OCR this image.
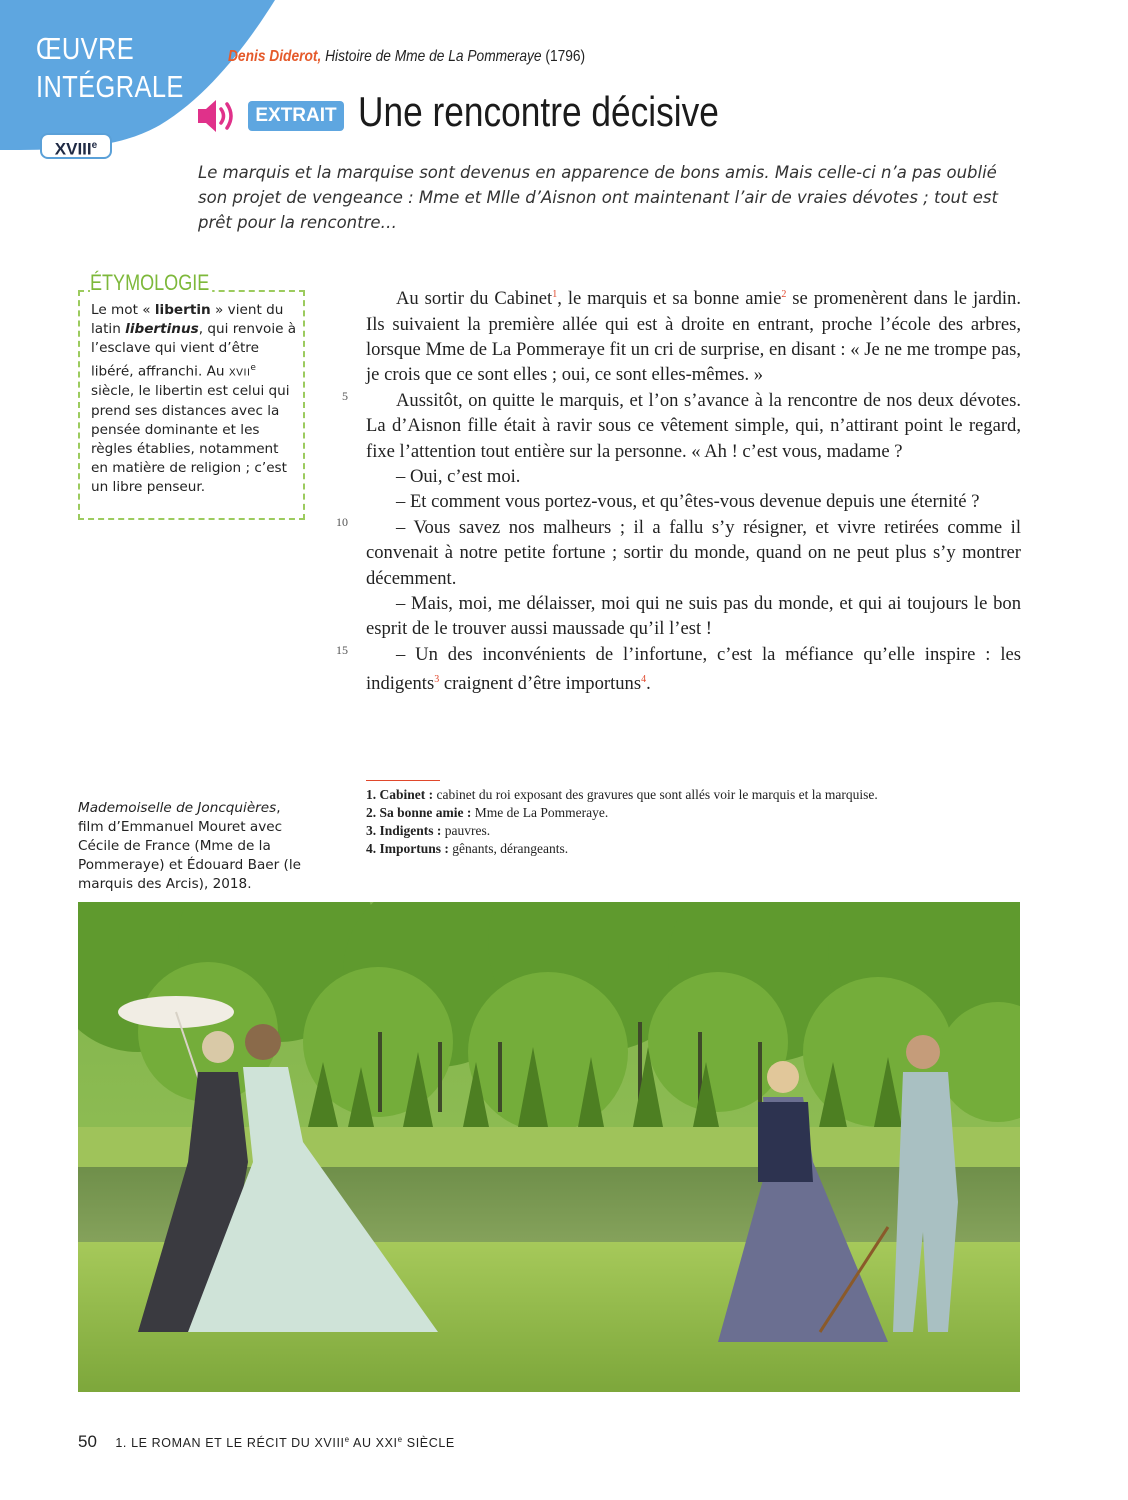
ŒUVRE INTÉGRALE
XVIIIe
Denis Diderot, Histoire de Mme de La Pommeraye (1796)
EXTRAIT 3
Une rencontre décisive
Le marquis et la marquise sont devenus en apparence de bons amis. Mais celle-ci n’a pas oublié son projet de vengeance : Mme et Mlle d’Aisnon ont maintenant l’air de vraies dévotes ; tout est prêt pour la rencontre…
ÉTYMOLOGIE
Le mot « libertin » vient du latin libertinus, qui renvoie à l’esclave qui vient d’être libéré, affranchi. Au XVIIe siècle, le libertin est celui qui prend ses distances avec la pensée dominante et les règles établies, notamment en matière de religion ; c’est un libre penseur.

Au sortir du Cabinet$^1$, le marquis et sa bonne amie$^2$ se promenèrent dans le jardin. Ils suivaient la première allée qui est à droite en entrant, proche l’école des arbres, lorsque Mme de La Pommeraye fit un cri de surprise, en disant : « Je ne me trompe pas, je crois que ce sont elles ; oui, ce sont elles-mêmes. »

Aussitôt, on quitte le marquis, et l’on s’avance à la rencontre de nos deux dévotes. La d’Aisnon fille était à ravir sous ce vêtement simple, qui, n’attirant point le regard, fixe l’attention tout entière sur la personne. « Ah ! c’est vous, madame ?

– Oui, c’est moi.

– Et comment vous portez-vous, et qu’êtes-vous devenue depuis une éternité ?

– Vous savez nos malheurs ; il a fallu s’y résigner, et vivre retirées comme il convenait à notre petite fortune ; sortir du monde, quand on ne peut plus s’y montrer décemment.

– Mais, moi, me délaisser, moi qui ne suis pas du monde, et qui ai toujours le bon esprit de le trouver aussi maussade qu’il l’est !

– Un des inconvénients de l’infortune, c’est la méfiance qu’elle inspire : les indigents$^3$ craignent d’être importuns$^4$.

5
10
15
1. Cabinet : cabinet du roi exposant des gravures que sont allés voir le marquis et la marquise.
2. Sa bonne amie : Mme de La Pommeraye.
3. Indigents : pauvres.
4. Importuns : gênants, dérangeants.
Mademoiselle de Joncquières, film d’Emmanuel Mouret avec Cécile de France (Mme de la Pommeraye) et Édouard Baer (le marquis des Arcis), 2018.
50 1. LE ROMAN ET LE RÉCIT DU XVIIIe AU XXIe SIÈCLE
